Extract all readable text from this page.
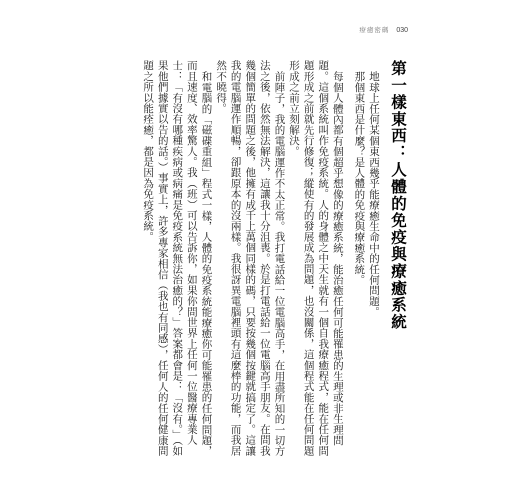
療癒密碼 030
第一樣東西：人體的免疫與療癒系統

地球上任何某個東西幾乎能療癒生命中的任何問題。

那個東西是什麼？是人體的免疫與療癒系統。

每個人體內都有個超乎想像的療癒系統，能治癒任何可能罹患的生理或非生理問題。這個系統叫作免疫系統。人的身體之中天生就有一個自我療癒程式，能在任何問題形成之前就先行修復；縱使有的發展成為問題，也沒關係，這個程式能在任何問題形成之前立刻解決。

前陣子，我的電腦運作不太正常。我打電話給一位電腦高手，在用盡所知的一切方法之後，依然無法解決，這讓我十分沮喪。於是打電話給一位電腦高手朋友。在問我幾個簡單的問題之後，他擁有成千上萬個同樣的碼，只要按幾個按鍵就搞定了。這讓我的電腦運作順暢，卻跟原本的沒兩樣。我很訝異電腦裡頭有這麼棒的功能，而我居然不曉得。

和電腦的「磁碟重組」程式一樣，人體的免疫系統能療癒你可能罹患的任何問題，而且速度、效率驚人。我（班）可以告訴你，如果你問世界上任何一位醫療專業人士：「有沒有哪種疾病或病痛是免疫系統無法治癒的？」答案都會是：「沒有。」（如果他們據實以告的話。）事實上，許多專家相信（我也有同感），任何人的任何健康問題之所以能痊癒，都是因為免疫系統。
